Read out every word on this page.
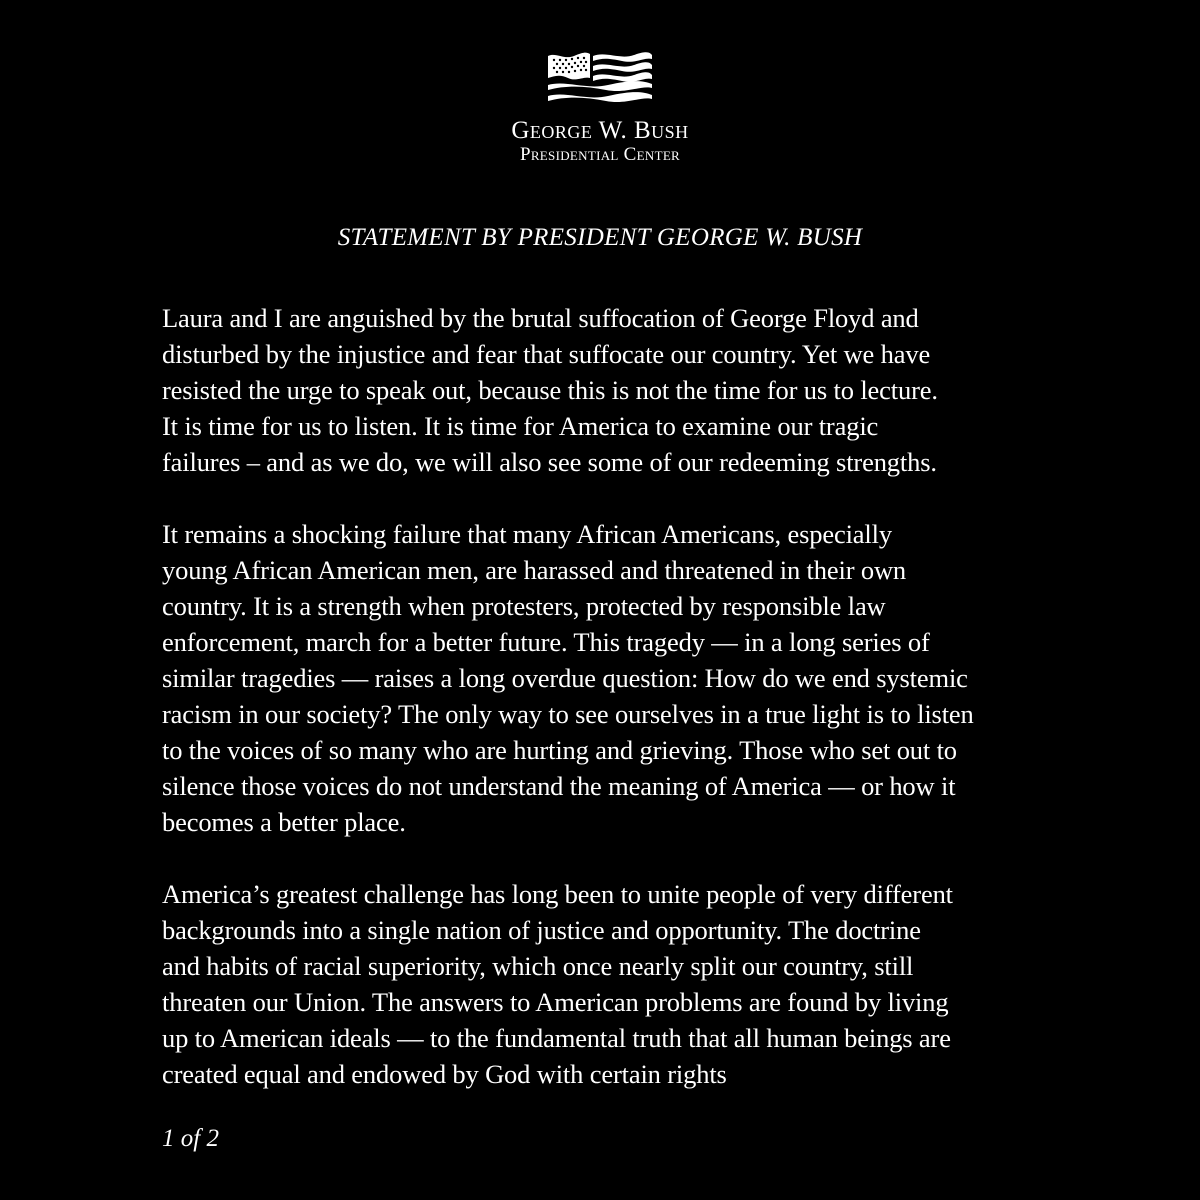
George W. Bush
Presidential Center
STATEMENT BY PRESIDENT GEORGE W. BUSH

Laura and I are anguished by the brutal suffocation of George Floyd and
disturbed by the injustice and fear that suffocate our country. Yet we have
resisted the urge to speak out, because this is not the time for us to lecture.
It is time for us to listen. It is time for America to examine our tragic
failures – and as we do, we will also see some of our redeeming strengths.

It remains a shocking failure that many African Americans, especially
young African American men, are harassed and threatened in their own
country. It is a strength when protesters, protected by responsible law
enforcement, march for a better future. This tragedy — in a long series of
similar tragedies — raises a long overdue question: How do we end systemic
racism in our society? The only way to see ourselves in a true light is to listen
to the voices of so many who are hurting and grieving. Those who set out to
silence those voices do not understand the meaning of America — or how it
becomes a better place.

America’s greatest challenge has long been to unite people of very different
backgrounds into a single nation of justice and opportunity. The doctrine
and habits of racial superiority, which once nearly split our country, still
threaten our Union. The answers to American problems are found by living
up to American ideals — to the fundamental truth that all human beings are
created equal and endowed by God with certain rights

1 of 2
